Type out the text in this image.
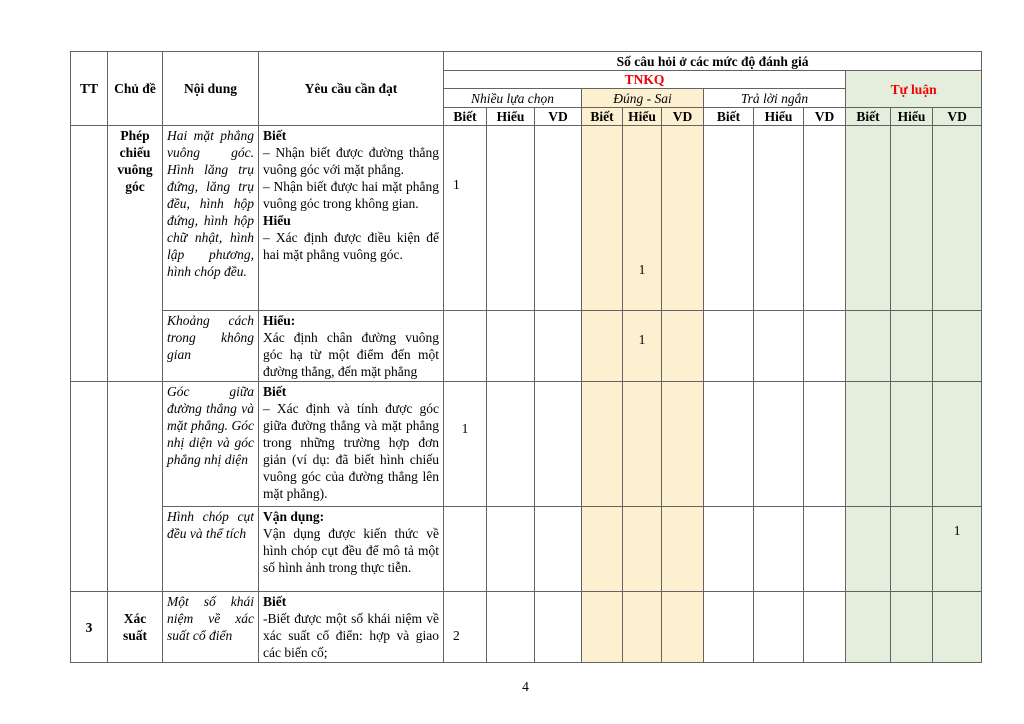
TT	Chủ đề	Nội dung	Yêu cầu cần đạt	Số câu hỏi ở các mức độ đánh giá											
				TNKQ									Tự luận		
				Nhiều lựa chọn			Đúng - Sai			Trả lời ngắn					
				Biết	Hiểu	VD	Biết	Hiểu	VD	Biết	Hiểu	VD	Biết	Hiểu	VD
	Phép chiếu vuông góc	Hai mặt phẳng vuông góc. Hình lăng trụ đứng, lăng trụ đều, hình hộp đứng, hình hộp chữ nhật, hình lập phương, hình chóp đều.	Biết
– Nhận biết được đường thẳng vuông góc với mặt phẳng.
– Nhận biết được hai mặt phẳng vuông góc trong không gian.
Hiểu
– Xác định được điều kiện để hai mặt phẳng vuông góc.	1				1							
		Khoảng cách trong không gian	Hiểu:
Xác định chân đường vuông góc hạ từ một điểm đến một đường thẳng, đến mặt phẳng					1							
		Góc giữa đường thẳng và mặt phẳng. Góc nhị diện và góc phẳng nhị diện	Biết
– Xác định và tính được góc giữa đường thẳng và mặt phẳng trong những trường hợp đơn giản (ví dụ: đã biết hình chiếu vuông góc của đường thẳng lên mặt phẳng).	1											
		Hình chóp cụt đều và thể tích	Vận dụng:
Vận dụng được kiến thức về hình chóp cụt đều để mô tả một số hình ảnh trong thực tiễn.												1
3	Xác suất	Một số khái niệm về xác suất cổ điển	Biết
-Biết được một số khái niệm về xác suất cổ điển: hợp và giao các biến cố;	2											
4
